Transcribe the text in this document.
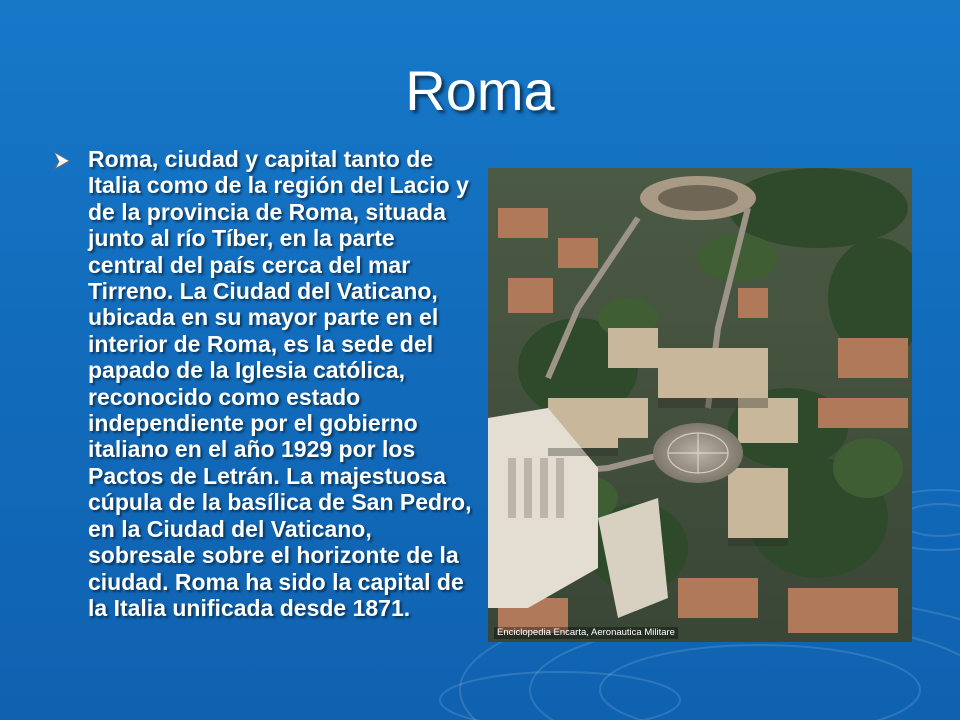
Roma

Roma, ciudad y capital tanto de Italia como de la región del Lacio y de la provincia de Roma, situada junto al río Tíber, en la parte central del país cerca del mar Tirreno. La Ciudad del Vaticano, ubicada en su mayor parte en el interior de Roma, es la sede del papado de la Iglesia católica, reconocido como estado independiente por el gobierno italiano en el año 1929 por los Pactos de Letrán. La majestuosa cúpula de la basílica de San Pedro, en la Ciudad del Vaticano, sobresale sobre el horizonte de la ciudad. Roma ha sido la capital de la Italia unificada desde 1871.

Enciclopedia Encarta, Aeronautica Militare
